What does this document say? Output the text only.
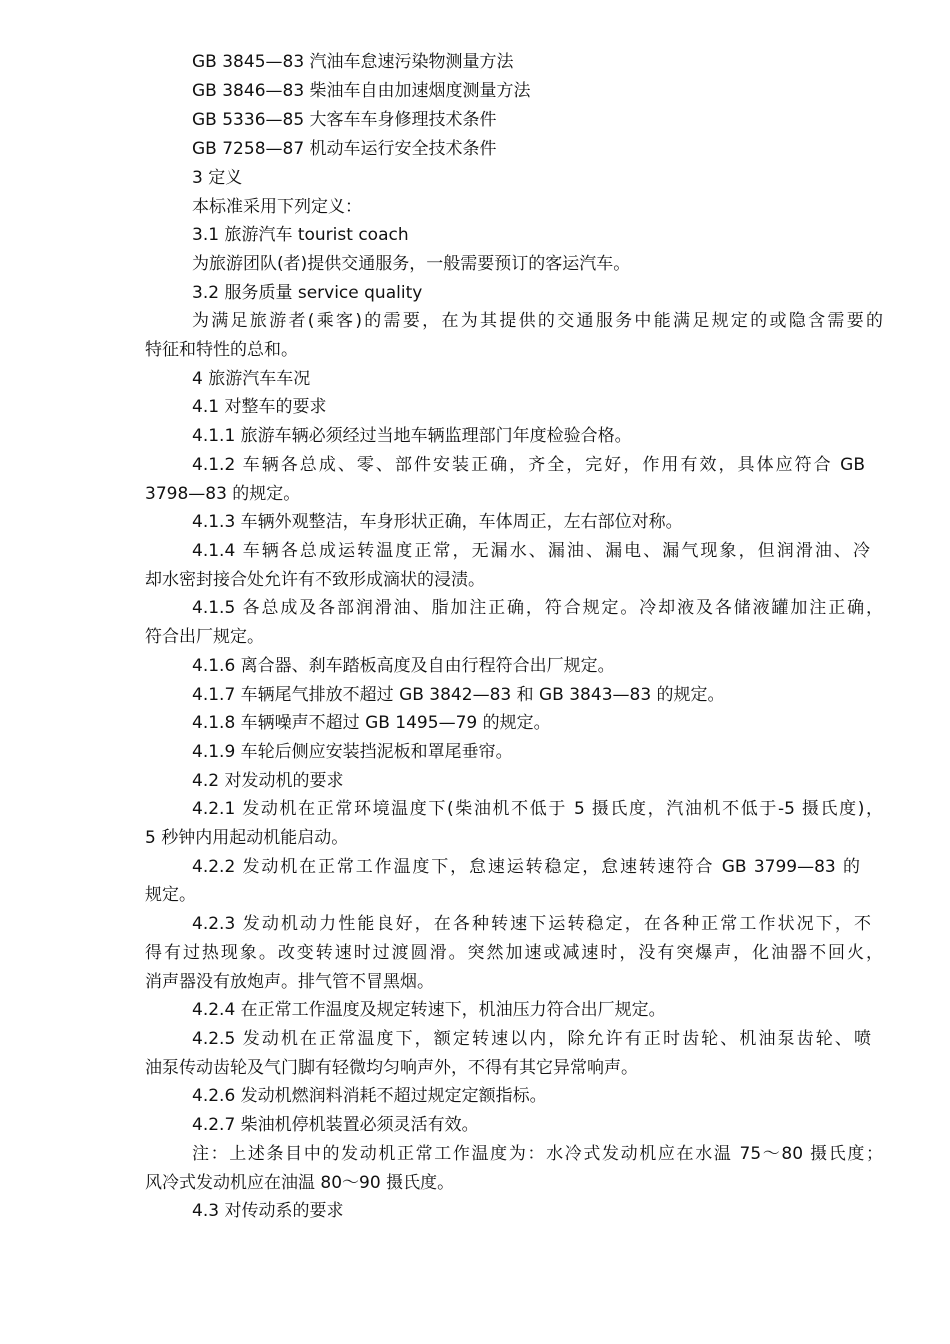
GB 3845—83 汽油车怠速污染物测量方法
GB 3846—83 柴油车自由加速烟度测量方法
GB 5336—85 大客车车身修理技术条件
GB 7258—87 机动车运行安全技术条件
3 定义
本标准采用下列定义：
3.1 旅游汽车 tourist coach
为旅游团队(者)提供交通服务，一般需要预订的客运汽车。
3.2 服务质量 service quality
为满足旅游者(乘客)的需要，在为其提供的交通服务中能满足规定的或隐含需要的
特征和特性的总和。
4 旅游汽车车况
4.1 对整车的要求
4.1.1 旅游车辆必须经过当地车辆监理部门年度检验合格。
4.1.2 车辆各总成、零、部件安装正确，齐全，完好，作用有效，具体应符合 GB
3798—83 的规定。
4.1.3 车辆外观整洁，车身形状正确，车体周正，左右部位对称。
4.1.4 车辆各总成运转温度正常，无漏水、漏油、漏电、漏气现象，但润滑油、冷
却水密封接合处允许有不致形成滴状的浸渍。
4.1.5 各总成及各部润滑油、脂加注正确，符合规定。冷却液及各储液罐加注正确，
符合出厂规定。
4.1.6 离合器、刹车踏板高度及自由行程符合出厂规定。
4.1.7 车辆尾气排放不超过 GB 3842—83 和 GB 3843—83 的规定。
4.1.8 车辆噪声不超过 GB 1495—79 的规定。
4.1.9 车轮后侧应安装挡泥板和罩尾垂帘。
4.2 对发动机的要求
4.2.1 发动机在正常环境温度下(柴油机不低于 5 摄氏度，汽油机不低于-5 摄氏度)，
5 秒钟内用起动机能启动。
4.2.2 发动机在正常工作温度下，怠速运转稳定，怠速转速符合 GB 3799—83 的
规定。
4.2.3 发动机动力性能良好，在各种转速下运转稳定，在各种正常工作状况下，不
得有过热现象。改变转速时过渡圆滑。突然加速或减速时，没有突爆声，化油器不回火，
消声器没有放炮声。排气管不冒黑烟。
4.2.4 在正常工作温度及规定转速下，机油压力符合出厂规定。
4.2.5 发动机在正常温度下，额定转速以内，除允许有正时齿轮、机油泵齿轮、喷
油泵传动齿轮及气门脚有轻微均匀响声外，不得有其它异常响声。
4.2.6 发动机燃润料消耗不超过规定定额指标。
4.2.7 柴油机停机装置必须灵活有效。
注：上述条目中的发动机正常工作温度为：水冷式发动机应在水温 75～80 摄氏度；
风冷式发动机应在油温 80～90 摄氏度。
4.3 对传动系的要求
